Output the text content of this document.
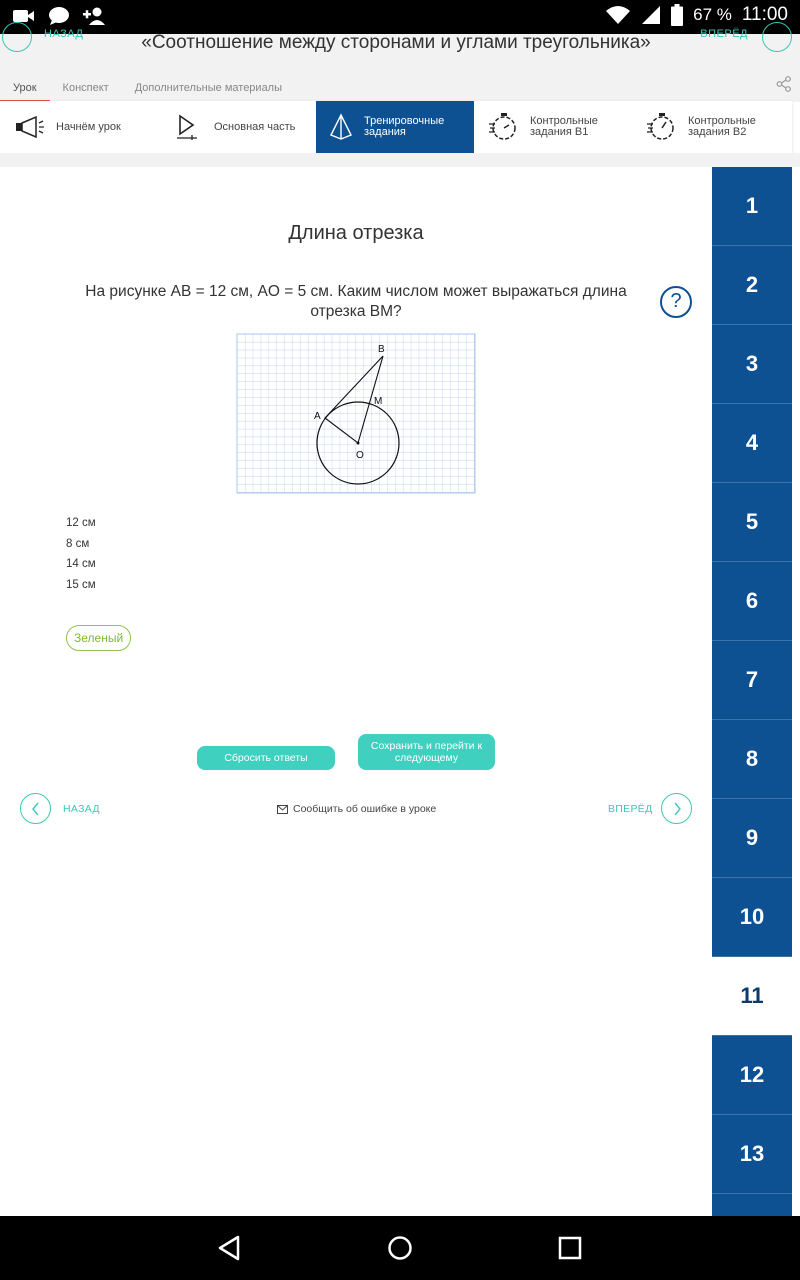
67 % 11:00
НАЗАД	«Соотношение между сторонами и углами треугольника»	ВПЕРЁД
Урок	Конспект	Дополнительные материалы
Начнём урок	Основная часть	Тренировочные задания
Контрольные задания В1
Контрольные задания В2
1
2
3
4
5
6
7
8
9
10
11
12
13
Длина отрезка
На рисунке AB = 12 см, AO = 5 см. Каким числом может выражаться длина отрезка BM?	?
B
M
A
O
12 см
8 см
14 см
15 см
Зеленый
Сбросить ответы
Сохранить и перейти к следующему
НАЗАД	Сообщить об ошибке в уроке	ВПЕРЁД
